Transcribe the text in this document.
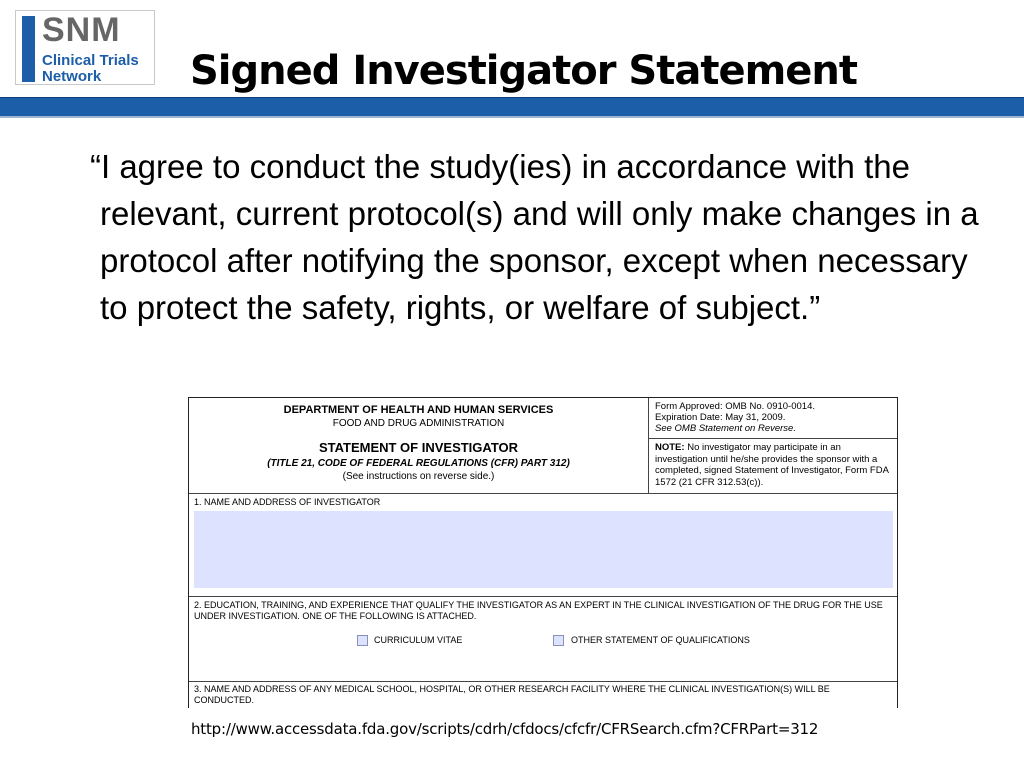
SNM
Clinical Trials
Network Signed Investigator Statement
“I agree to conduct the study(ies) in accordance with the relevant, current protocol(s) and will only make changes in a protocol after notifying the sponsor, except when necessary to protect the safety, rights, or welfare of subject.”
DEPARTMENT OF HEALTH AND HUMAN SERVICES
FOOD AND DRUG ADMINISTRATION
STATEMENT OF INVESTIGATOR
(TITLE 21, CODE OF FEDERAL REGULATIONS (CFR) PART 312)
(See instructions on reverse side.)
Form Approved: OMB No. 0910-0014.
Expiration Date: May 31, 2009.
See OMB Statement on Reverse.
NOTE: No investigator may participate in an investigation until he/she provides the sponsor with a completed, signed Statement of Investigator, Form FDA 1572 (21 CFR 312.53(c)).
1. NAME AND ADDRESS OF INVESTIGATOR
2. EDUCATION, TRAINING, AND EXPERIENCE THAT QUALIFY THE INVESTIGATOR AS AN EXPERT IN THE CLINICAL INVESTIGATION OF THE DRUG FOR THE USE UNDER INVESTIGATION. ONE OF THE FOLLOWING IS ATTACHED.
CURRICULUM VITAE	OTHER STATEMENT OF QUALIFICATIONS
3. NAME AND ADDRESS OF ANY MEDICAL SCHOOL, HOSPITAL, OR OTHER RESEARCH FACILITY WHERE THE CLINICAL INVESTIGATION(S) WILL BE CONDUCTED.
http://www.accessdata.fda.gov/scripts/cdrh/cfdocs/cfcfr/CFRSearch.cfm?CFRPart=312
